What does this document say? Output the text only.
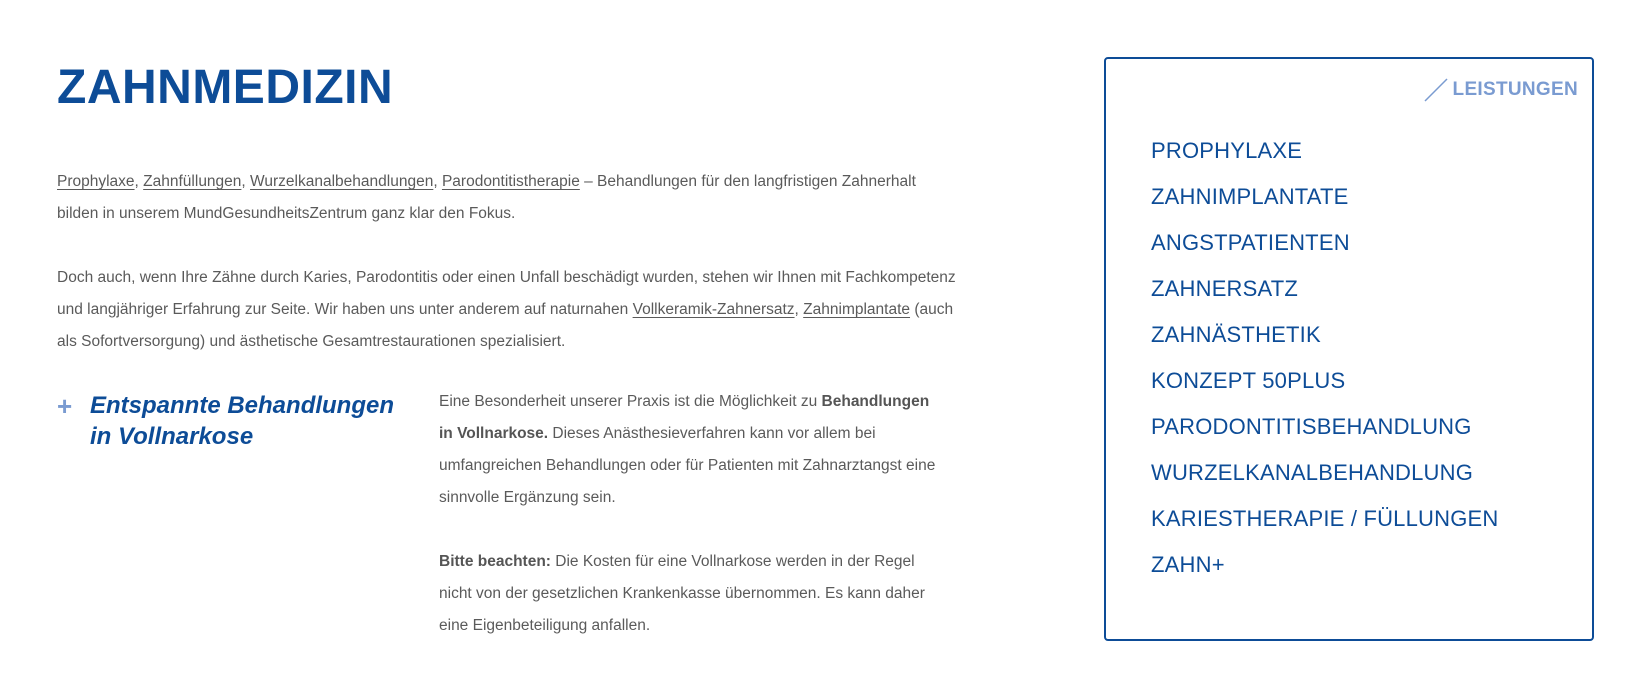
ZAHNMEDIZIN

Prophylaxe, Zahnfüllungen, Wurzelkanalbehandlungen, Parodontitistherapie – Behandlungen für den langfristigen Zahnerhalt bilden in unserem MundGesundheitsZentrum ganz klar den Fokus.

Doch auch, wenn Ihre Zähne durch Karies, Parodontitis oder einen Unfall beschädigt wurden, stehen wir Ihnen mit Fachkompetenz und langjähriger Erfahrung zur Seite. Wir haben uns unter anderem auf naturnahen Vollkeramik-Zahnersatz, Zahnimplantate (auch als Sofortversorgung) und ästhetische Gesamtrestaurationen spezialisiert.

+ Entspannte Behandlungen in Vollnarkose

Eine Besonderheit unserer Praxis ist die Möglichkeit zu Behandlungen in Vollnarkose. Dieses Anästhesieverfahren kann vor allem bei umfangreichen Behandlungen oder für Patienten mit Zahnarztangst eine sinnvolle Ergänzung sein.

Bitte beachten: Die Kosten für eine Vollnarkose werden in der Regel nicht von der gesetzlichen Krankenkasse übernommen. Es kann daher eine Eigenbeteiligung anfallen.

LEISTUNGEN
PROPHYLAXE
ZAHNIMPLANTATE
ANGSTPATIENTEN
ZAHNERSATZ
ZAHNÄSTHETIK
KONZEPT 50PLUS
PARODONTITISBEHANDLUNG
WURZELKANALBEHANDLUNG
KARIESTHERAPIE / FÜLLUNGEN
ZAHN+
